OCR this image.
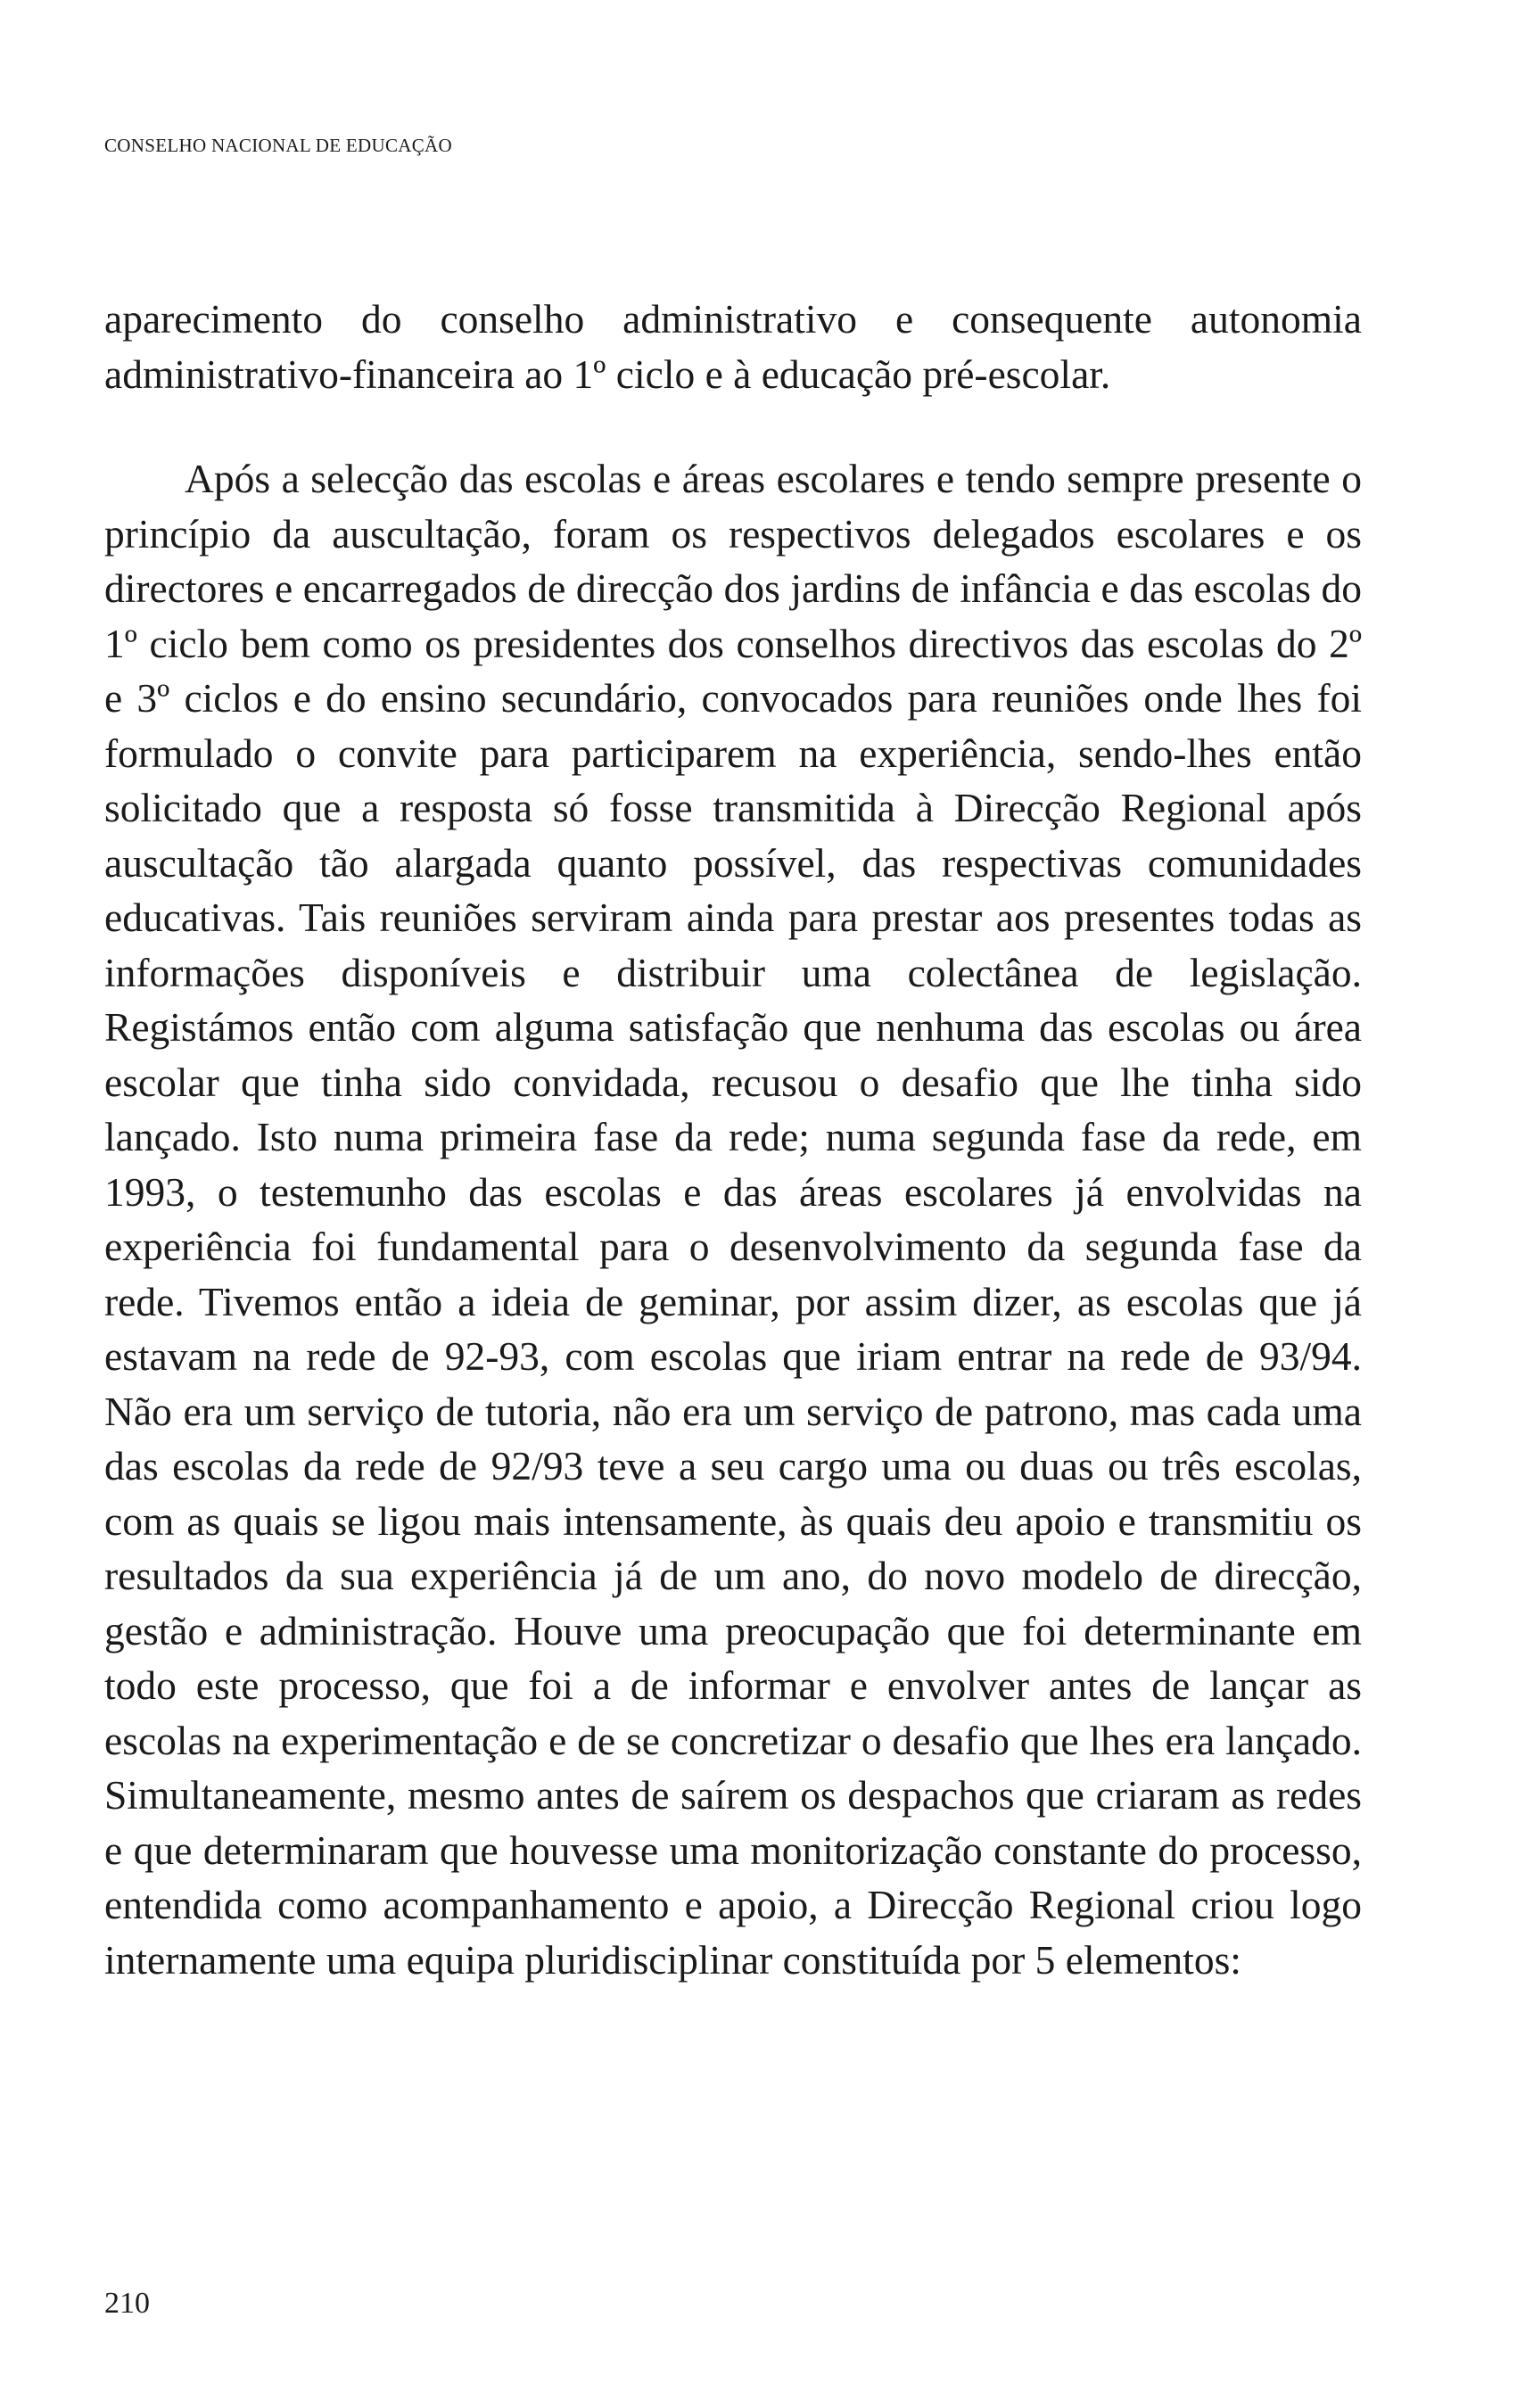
CONSELHO NACIONAL DE EDUCAÇÃO

aparecimento do conselho administrativo e consequente autonomia administrativo-financeira ao 1º ciclo e à educação pré-escolar.

Após a selecção das escolas e áreas escolares e tendo sempre presente o princípio da auscultação, foram os respectivos delegados escolares e os directores e encarregados de direcção dos jardins de infância e das escolas do 1º ciclo bem como os presidentes dos conselhos directivos das escolas do 2º e 3º ciclos e do ensino secundário, convocados para reuniões onde lhes foi formulado o convite para participarem na experiência, sendo-lhes então solicitado que a resposta só fosse transmitida à Direcção Regional após auscultação tão alargada quanto possível, das respectivas comunidades educativas. Tais reuniões serviram ainda para prestar aos presentes todas as informações disponíveis e distribuir uma colectânea de legislação. Registámos então com alguma satisfação que nenhuma das escolas ou área escolar que tinha sido convidada, recusou o desafio que lhe tinha sido lançado. Isto numa primeira fase da rede; numa segunda fase da rede, em 1993, o testemunho das escolas e das áreas escolares já envolvidas na experiência foi fundamental para o desenvolvimento da segunda fase da rede. Tivemos então a ideia de geminar, por assim dizer, as escolas que já estavam na rede de 92-93, com escolas que iriam entrar na rede de 93/94. Não era um serviço de tutoria, não era um serviço de patrono, mas cada uma das escolas da rede de 92/93 teve a seu cargo uma ou duas ou três escolas, com as quais se ligou mais intensamente, às quais deu apoio e transmitiu os resultados da sua experiência já de um ano, do novo modelo de direcção, gestão e administração. Houve uma preocupação que foi determinante em todo este processo, que foi a de informar e envolver antes de lançar as escolas na experimentação e de se concretizar o desafio que lhes era lançado. Simultaneamente, mesmo antes de saírem os despachos que criaram as redes e que determinaram que houvesse uma monitorização constante do processo, entendida como acompanhamento e apoio, a Direcção Regional criou logo internamente uma equipa pluridisciplinar constituída por 5 elementos:

210
